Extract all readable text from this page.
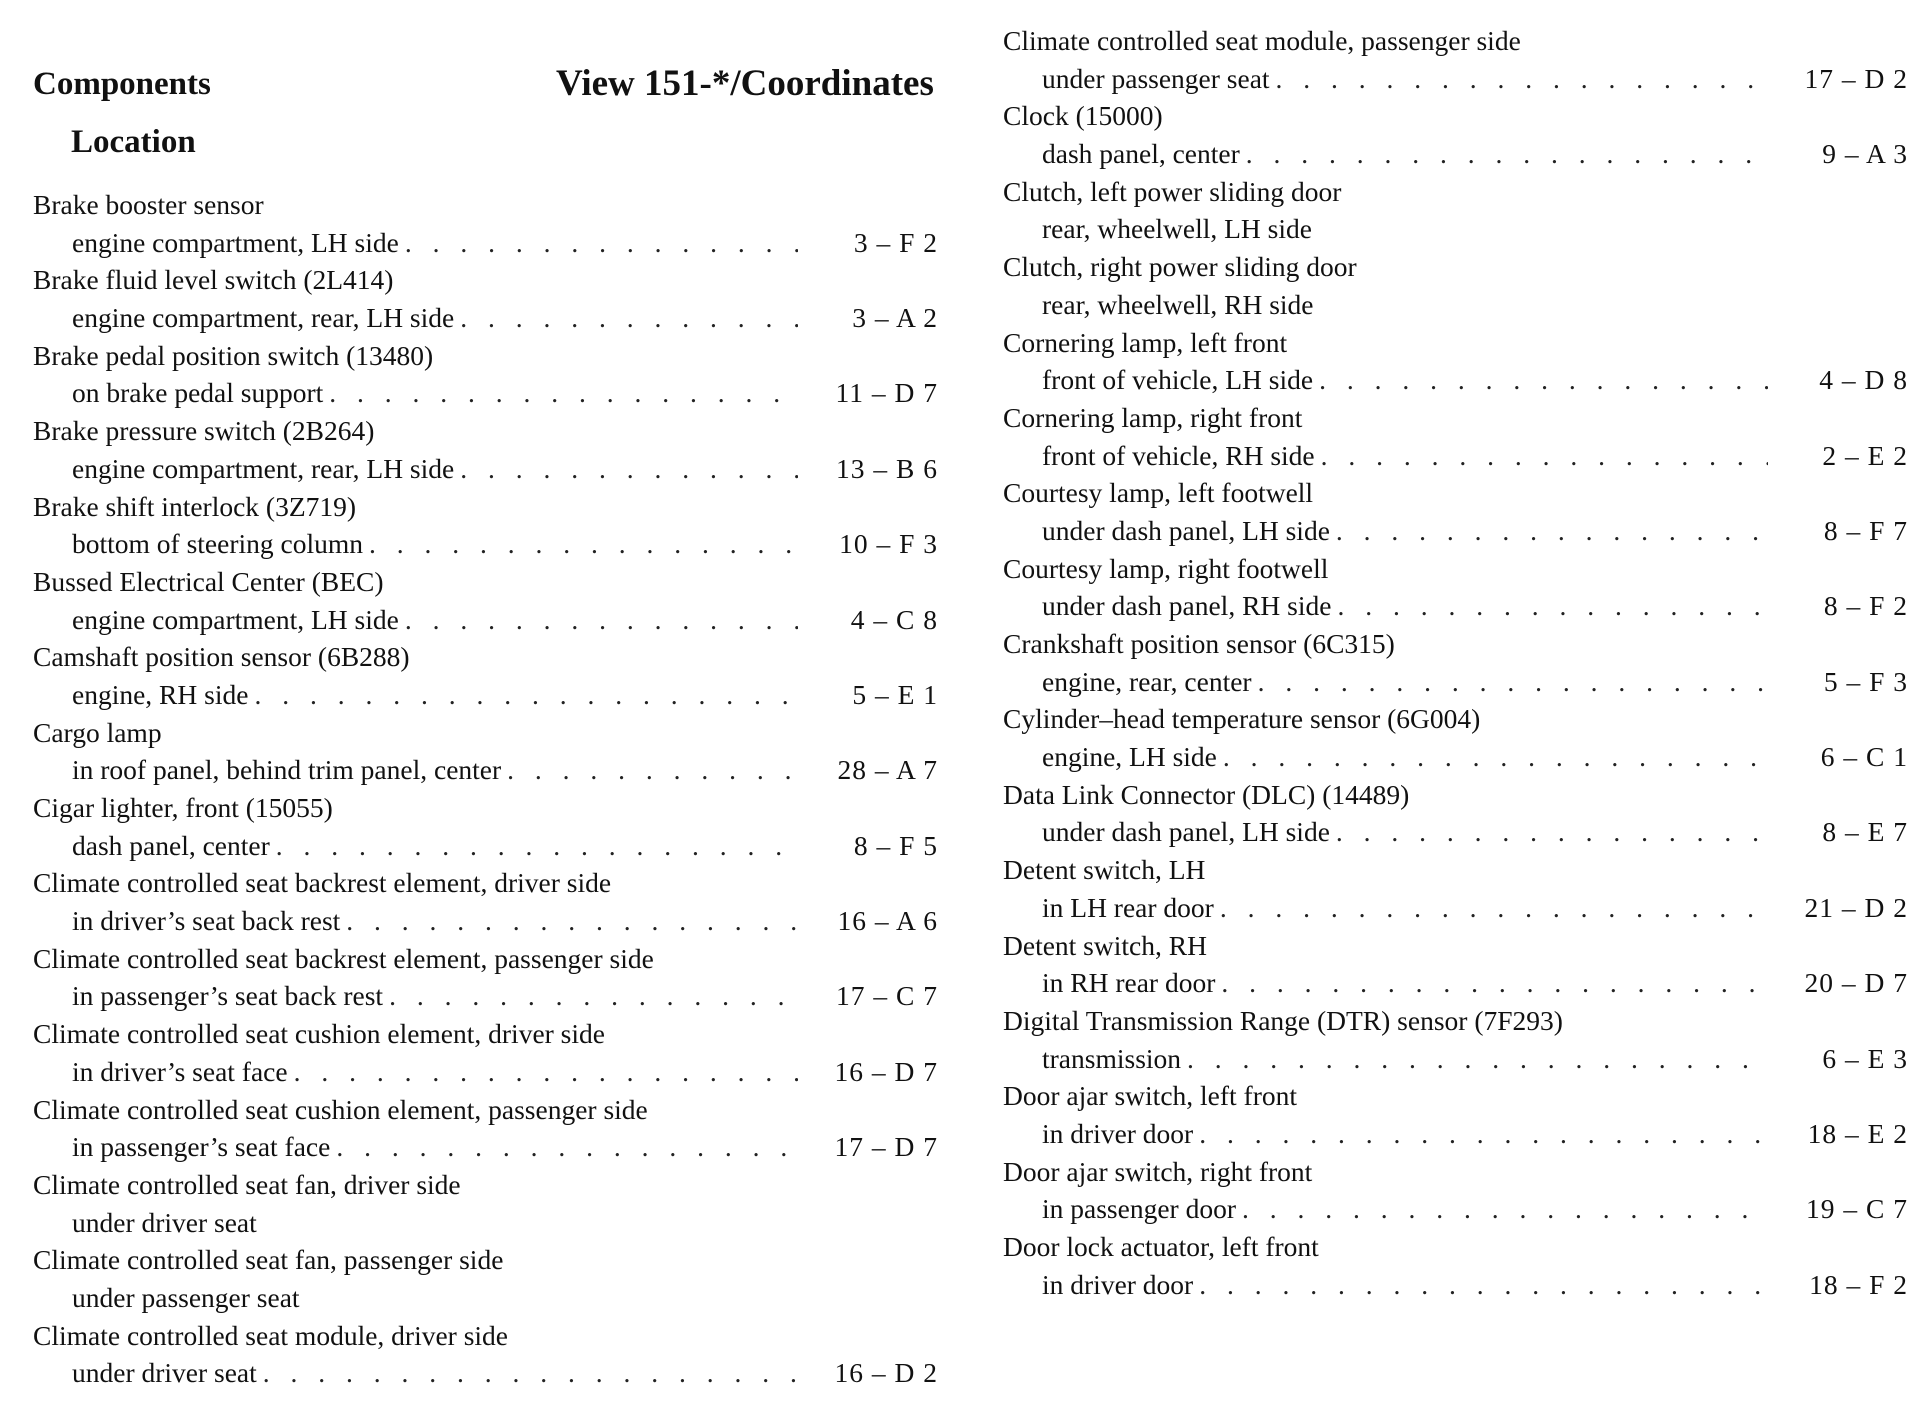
Components
Location
Brake booster sensor
engine compartment, LH side . . .	3 – F 2
Brake fluid level switch (2L414)
engine compartment, rear, LH side . . .	3 – A 2
Brake pedal position switch (13480)
on brake pedal support . . .	11 – D 7
Brake pressure switch (2B264)
engine compartment, rear, LH side . . .	13 – B 6
Brake shift interlock (3Z719)
bottom of steering column . . .	10 – F 3
Bussed Electrical Center (BEC)
engine compartment, LH side . . .	4 – C 8
Camshaft position sensor (6B288)
engine, RH side . . .	5 – E 1
Cargo lamp
in roof panel, behind trim panel, center . . .	28 – A 7
Cigar lighter, front (15055)
dash panel, center . . .	8 – F 5
Climate controlled seat backrest element, driver side
in driver’s seat back rest . . .	16 – A 6
Climate controlled seat backrest element, passenger side
in passenger’s seat back rest . . .	17 – C 7
Climate controlled seat cushion element, driver side
in driver’s seat face . . .	16 – D 7
Climate controlled seat cushion element, passenger side
in passenger’s seat face . . .	17 – D 7
Climate controlled seat fan, driver side
under driver seat
Climate controlled seat fan, passenger side
under passenger seat
Climate controlled seat module, driver side
under driver seat . . .	16 – D 2
Climate controlled seat module, passenger side
under passenger seat . . .	17 – D 2
Clock (15000)
dash panel, center . . .	9 – A 3
Clutch, left power sliding door
rear, wheelwell, LH side
Clutch, right power sliding door
rear, wheelwell, RH side
Cornering lamp, left front
front of vehicle, LH side . . .	4 – D 8
Cornering lamp, right front
front of vehicle, RH side . . .	2 – E 2
Courtesy lamp, left footwell
under dash panel, LH side . . .	8 – F 7
Courtesy lamp, right footwell
under dash panel, RH side . . .	8 – F 2
Crankshaft position sensor (6C315)
engine, rear, center . . .	5 – F 3
Cylinder–head temperature sensor (6G004)
engine, LH side . . .	6 – C 1
Data Link Connector (DLC) (14489)
under dash panel, LH side . . .	8 – E 7
Detent switch, LH
in LH rear door . . .	21 – D 2
Detent switch, RH
in RH rear door . . .	20 – D 7
Digital Transmission Range (DTR) sensor (7F293)
transmission . . .	6 – E 3
Door ajar switch, left front
in driver door . . .	18 – E 2
Door ajar switch, right front
in passenger door . . .	19 – C 7
Door lock actuator, left front
in driver door . . .	18 – F 2
View 151-*/Coordinates
